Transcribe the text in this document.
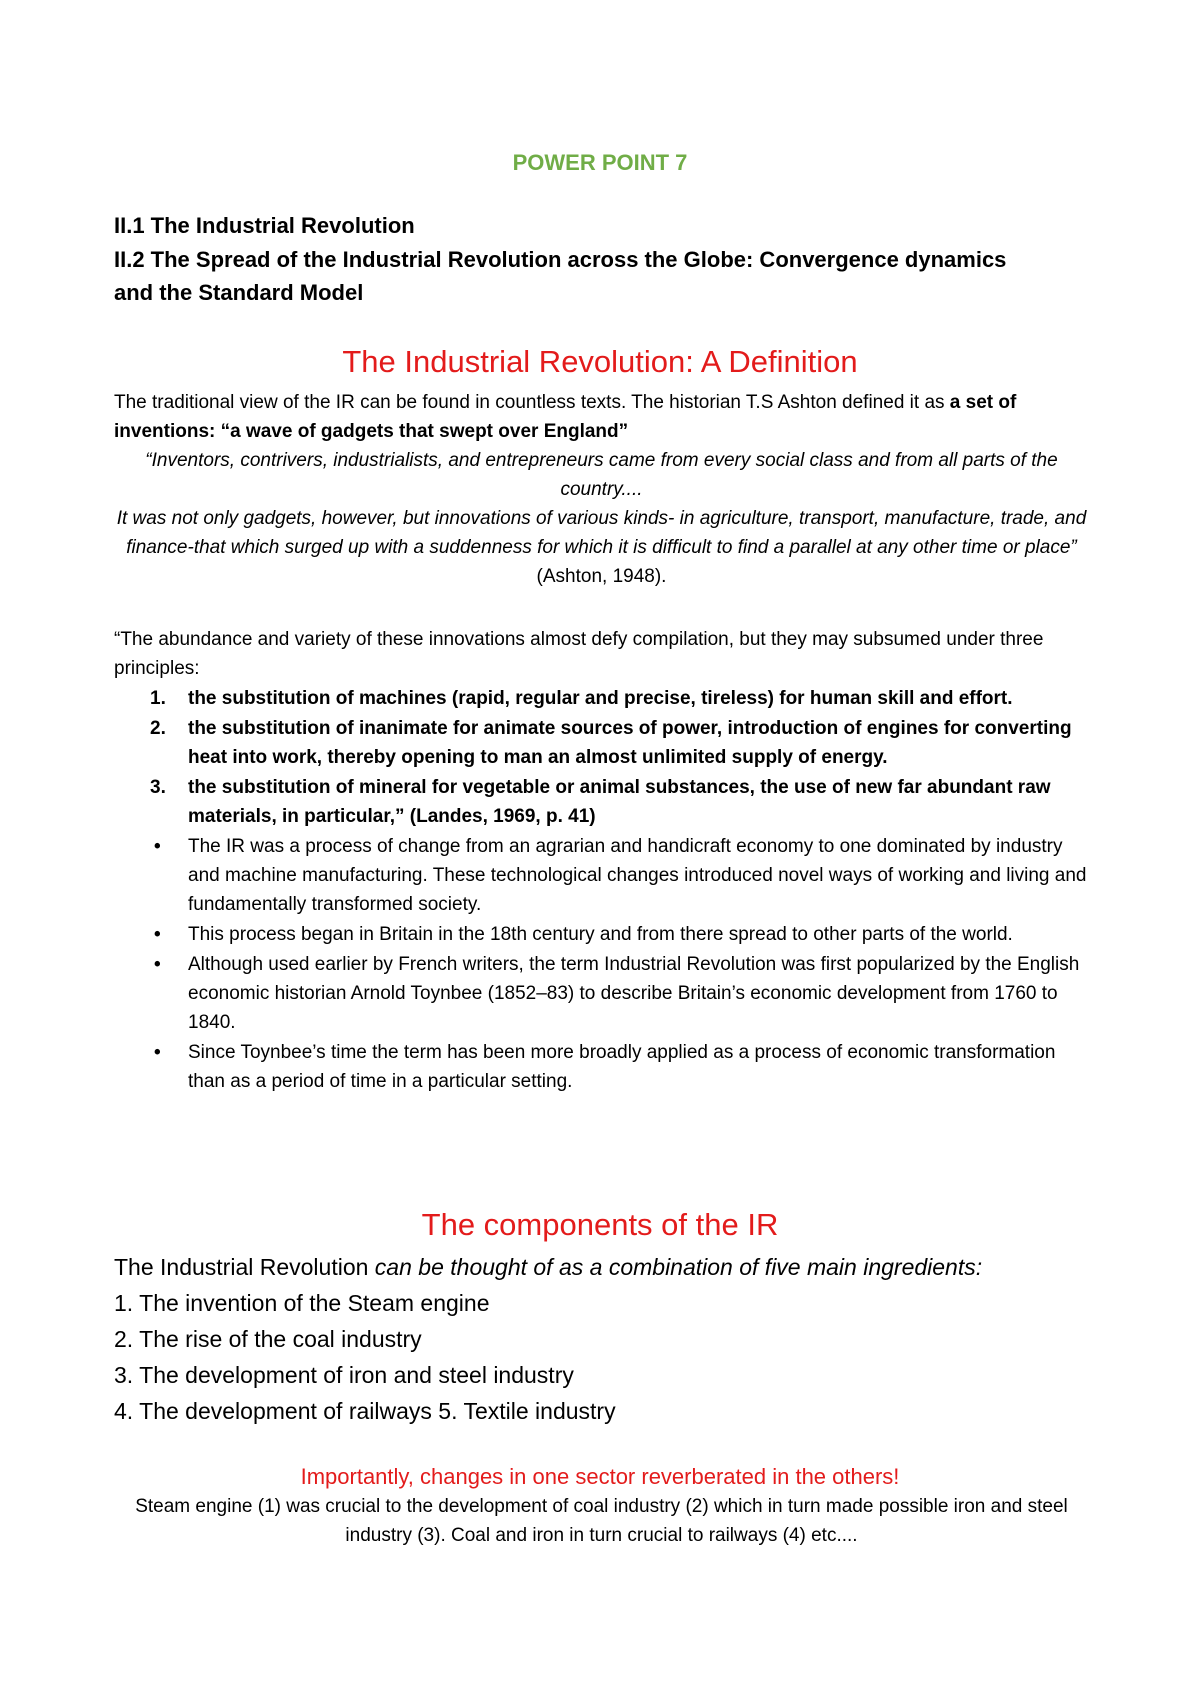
POWER POINT 7
II.1 The Industrial Revolution
II.2 The Spread of the Industrial Revolution across the Globe: Convergence dynamics and the Standard Model
The Industrial Revolution: A Definition
The traditional view of the IR can be found in countless texts. The historian T.S Ashton defined it as a set of inventions: “a wave of gadgets that swept over England”
“Inventors, contrivers, industrialists, and entrepreneurs came from every social class and from all parts of the country....
It was not only gadgets, however, but innovations of various kinds- in agriculture, transport, manufacture, trade, and finance-that which surged up with a suddenness for which it is difficult to find a parallel at any other time or place” (Ashton, 1948).
“The abundance and variety of these innovations almost defy compilation, but they may subsumed under three principles:
1. the substitution of machines (rapid, regular and precise, tireless) for human skill and effort.
2. the substitution of inanimate for animate sources of power, introduction of engines for converting heat into work, thereby opening to man an almost unlimited supply of energy.
3. the substitution of mineral for vegetable or animal substances, the use of new far abundant raw materials, in particular,” (Landes, 1969, p. 41)
• The IR was a process of change from an agrarian and handicraft economy to one dominated by industry and machine manufacturing. These technological changes introduced novel ways of working and living and fundamentally transformed society.
• This process began in Britain in the 18th century and from there spread to other parts of the world.
• Although used earlier by French writers, the term Industrial Revolution was first popularized by the English economic historian Arnold Toynbee (1852–83) to describe Britain’s economic development from 1760 to 1840.
• Since Toynbee’s time the term has been more broadly applied as a process of economic transformation than as a period of time in a particular setting.
The components of the IR
The Industrial Revolution can be thought of as a combination of five main ingredients:
1. The invention of the Steam engine
2. The rise of the coal industry
3. The development of iron and steel industry
4. The development of railways 5. Textile industry
Importantly, changes in one sector reverberated in the others!
Steam engine (1) was crucial to the development of coal industry (2) which in turn made possible iron and steel industry (3). Coal and iron in turn crucial to railways (4) etc....
